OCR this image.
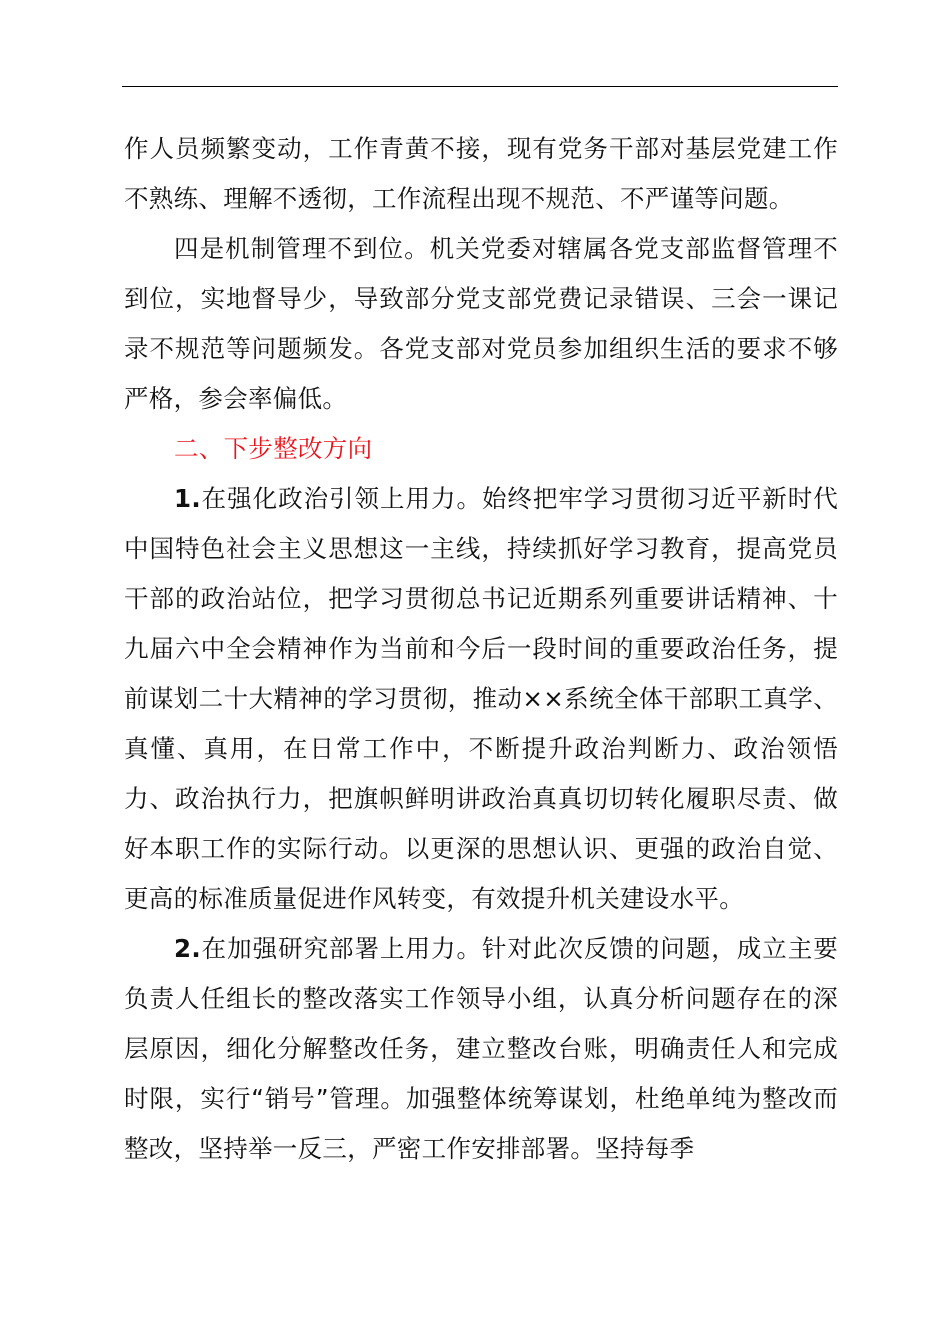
作人员频繁变动，工作青黄不接，现有党务干部对基层党建工作不熟练、理解不透彻，工作流程出现不规范、不严谨等问题。

四是机制管理不到位。机关党委对辖属各党支部监督管理不到位，实地督导少，导致部分党支部党费记录错误、三会一课记录不规范等问题频发。各党支部对党员参加组织生活的要求不够严格，参会率偏低。

二、下步整改方向

1.在强化政治引领上用力。始终把牢学习贯彻习近平新时代中国特色社会主义思想这一主线，持续抓好学习教育，提高党员干部的政治站位，把学习贯彻总书记近期系列重要讲话精神、十九届六中全会精神作为当前和今后一段时间的重要政治任务，提前谋划二十大精神的学习贯彻，推动××系统全体干部职工真学、真懂、真用，在日常工作中，不断提升政治判断力、政治领悟力、政治执行力，把旗帜鲜明讲政治真真切切转化履职尽责、做好本职工作的实际行动。以更深的思想认识、更强的政治自觉、更高的标准质量促进作风转变，有效提升机关建设水平。

2.在加强研究部署上用力。针对此次反馈的问题，成立主要负责人任组长的整改落实工作领导小组，认真分析问题存在的深层原因，细化分解整改任务，建立整改台账，明确责任人和完成时限，实行“销号”管理。加强整体统筹谋划，杜绝单纯为整改而整改，坚持举一反三，严密工作安排部署。坚持每季
